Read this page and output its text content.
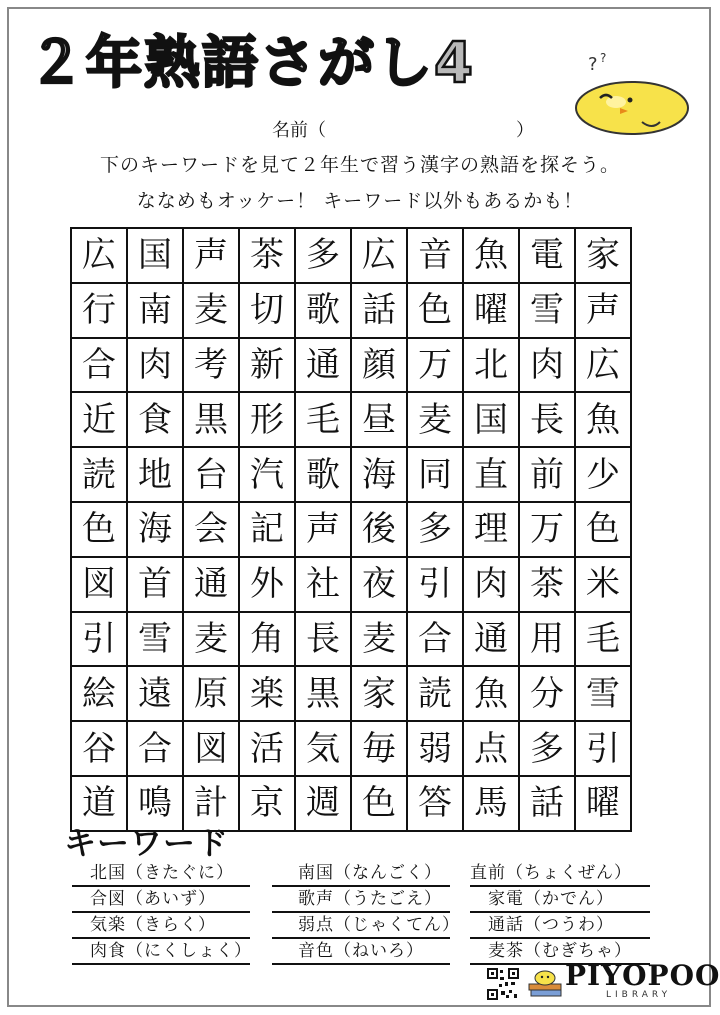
２年熟語さがし4	? ?
名前（	）
下のキーワードを見て２年生で習う漢字の熟語を探そう。
ななめもオッケー！ キーワード以外もあるかも！
広	国	声	茶	多	広	音	魚	電	家
行	南	麦	切	歌	話	色	曜	雪	声
合	肉	考	新	通	顔	万	北	肉	広
近	食	黒	形	毛	昼	麦	国	長	魚
読	地	台	汽	歌	海	同	直	前	少
色	海	会	記	声	後	多	理	万	色
図	首	通	外	社	夜	引	肉	茶	米
引	雪	麦	角	長	麦	合	通	用	毛
絵	遠	原	楽	黒	家	読	魚	分	雪
谷	合	図	活	気	毎	弱	点	多	引
道	鳴	計	京	週	色	答	馬	話	曜
キーワード
北国（きたぐに）	南国（なんごく） 直前（ちょくぜん）
合図（あいず）	歌声（うたごえ）	家電（かでん）
気楽（きらく）	弱点（じゃくてん） 通話（つうわ）
肉食（にくしょく）	音色（ねいろ）	麦茶（むぎちゃ）
PIYOPOO
LIBRARY
